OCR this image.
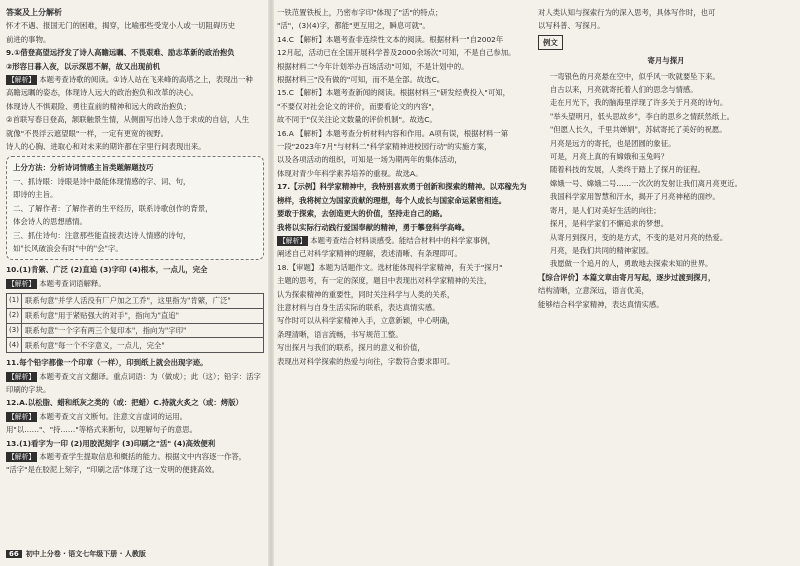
答案及上分解析

怀才不遇、报国无门的困难，揭穿，比喻那些受宠小人或一切阻碍历史

前进的事物。

9.①借登高望远抒发了诗人高瞻远瞩、不畏艰难、励志革新的政治抱负

②形容日暮入夜，以示深思不解，故又出现前机

【解析】 本题考查诗歌的阅读。①诗人站在飞来峰的高塔之上，表现出一种

高瞻远瞩的姿态，体现诗人远大的政治抱负和改革的决心。

体现诗人不惧艰险、勇往直前的精神和远大的政治抱负；

②首联写春日登高，颔联触景生情，从侧面写出诗人急于求成的自信，人生

就像"不畏浮云遮望眼"一样，一定有更宽的视野。

诗人的心胸、进取心和对未来的期许都在字里行间表现出来。

上分方法：分析诗词情感主旨类题解题技巧

一、抓诗眼：诗眼是诗中最能体现情感的字、词、句，

即诗的主旨。

二、了解作者：了解作者的生平经历，联系诗歌创作的背景，

体会诗人的思想感情。

三、抓住诗句：注意那些能直接表达诗人情感的诗句，

如"长风破浪会有时"中的"会"字。

10.(1)肯綮、广泛 (2)直追 (3)字印 (4)根本，一点儿，完全

【解析】 本题考查词语解释。

(1)
(2)
(3)
(4)
联系句意"并学人活没有厂户加之工乔"，这里指为"肯綮，广泛"
联系句意"用于紧贴强大的对手"，指向为"直追"
联系句意"一个字有两三个复印本"，指向为"字印"
联系句意"每一个不字意义，一点儿，完全"

11.每个铅字都像一个印章（一样），印到纸上就会出现字迹。

【解析】 本题考查文言文翻译。重点词语：为（做成）；此（这）；铅字：活字印刷的字块。

12.A.以松脂、蜡和纸灰之类的（或：把蜡）C.持就火炙之（或：烤版）

【解析】 本题考查文言文断句。注意文言虚词的运用。

用"以……"、"持……"等格式来断句，以理解句子的意思。

13.(1)看字为一印 (2)用胶泥刻字 (3)印刷之"活" (4)高效便利

【解析】 本题考查学生提取信息和概括的能力。根据文中内容逐一作答，

"活字"是在胶泥上刻字，"印刷之活"体现了这一发明的便捷高效。

一铁范置铁板上，乃密布字印"体现了"活"的特点；

"活"，(3)(4)字，都能"更互用之，瞬息可就"。

14.C 【解析】本题考查非连续性文本的阅读。根据材料一"自2002年

12月起，活动已在全国开展科学普及2000余场次"可知，不是自己参加。

根据材料二"今年计划举办百场活动"可知，不是计划中的。

根据材料三"没有做的"可知，而不是全部。故选C。

15.C 【解析】本题考查新闻的阅读。根据材料三"研发经费投入"可知，

"不要仅对社会论文的评价，而要看论文的内容"，

故不同于"仅关注论文数量的评价机制"。故选C。

16.A 【解析】本题考查分析材料内容和作用。A项有误，根据材料一第

一段"2023年7月"与材料二"科学家精神进校园行动"的实施方案，

以及各项活动的组织，可知是一场为期两年的集体活动，

体现对青少年科学素养培养的重视。故选A。

17.【示例】科学家精神中，我特别喜欢勇于创新和探索的精神。以邓稼先为

榜样，我将树立为国家贡献的理想，每个人成长与国家命运紧密相连。

要敢于探索，去创造更大的价值，坚持走自己的路。

我将以实际行动践行爱国奉献的精神，勇于攀登科学高峰。

【解析】 本题考查结合材料谈感受。能结合材料中的科学家事例，

阐述自己对科学家精神的理解，表述清晰、有条理即可。

18.【审题】本题为话题作文。选材能体现科学家精神，有关于"探月"

主题的思考，有一定的深度，题目中表现出对科学家精神的关注，

认为探索精神的重要性，同时关注科学与人类的关系，

注意材料与自身生活实际的联系，表达真情实感。

写作时可以从科学家精神入手，立意新颖，中心明确，

条理清晰，语言流畅，书写规范工整。

写出探月与我们的联系，探月的意义和价值，

表现出对科学探索的热爱与向往，字数符合要求即可。

对人类认知与探索行为的深入思考，具体写作时，也可

以写科普、写探月。

例文

寄月与探月

一弯银色的月亮悬在空中，似乎风一吹就要坠下来。

自古以来，月亮就寄托着人们的思念与情感。

走在月光下，我的脑海里浮现了许多关于月亮的诗句。

"举头望明月，低头思故乡"，李白的思乡之情跃然纸上。

"但愿人长久，千里共婵娟"，苏轼寄托了美好的祝愿。

月亮是远方的寄托，也是团圆的象征。

可是，月亮上真的有嫦娥和玉兔吗？

随着科技的发展，人类终于踏上了探月的征程。

嫦娥一号、嫦娥二号……一次次的发射让我们离月亮更近。

我国科学家用智慧和汗水，揭开了月亮神秘的面纱。

寄月，是人们对美好生活的向往；

探月，是科学家们不懈追求的梦想。

从寄月到探月，变的是方式，不变的是对月亮的热爱。

月亮，是我们共同的精神家园。

我愿做一个追月的人，勇敢地去探索未知的世界。

【综合评价】本篇文章由寄月写起，逐步过渡到探月，

结构清晰，立意深远，语言优美，

能够结合科学家精神，表达真情实感。

66	初中上分卷 · 语文七年级下册 · 人教版
